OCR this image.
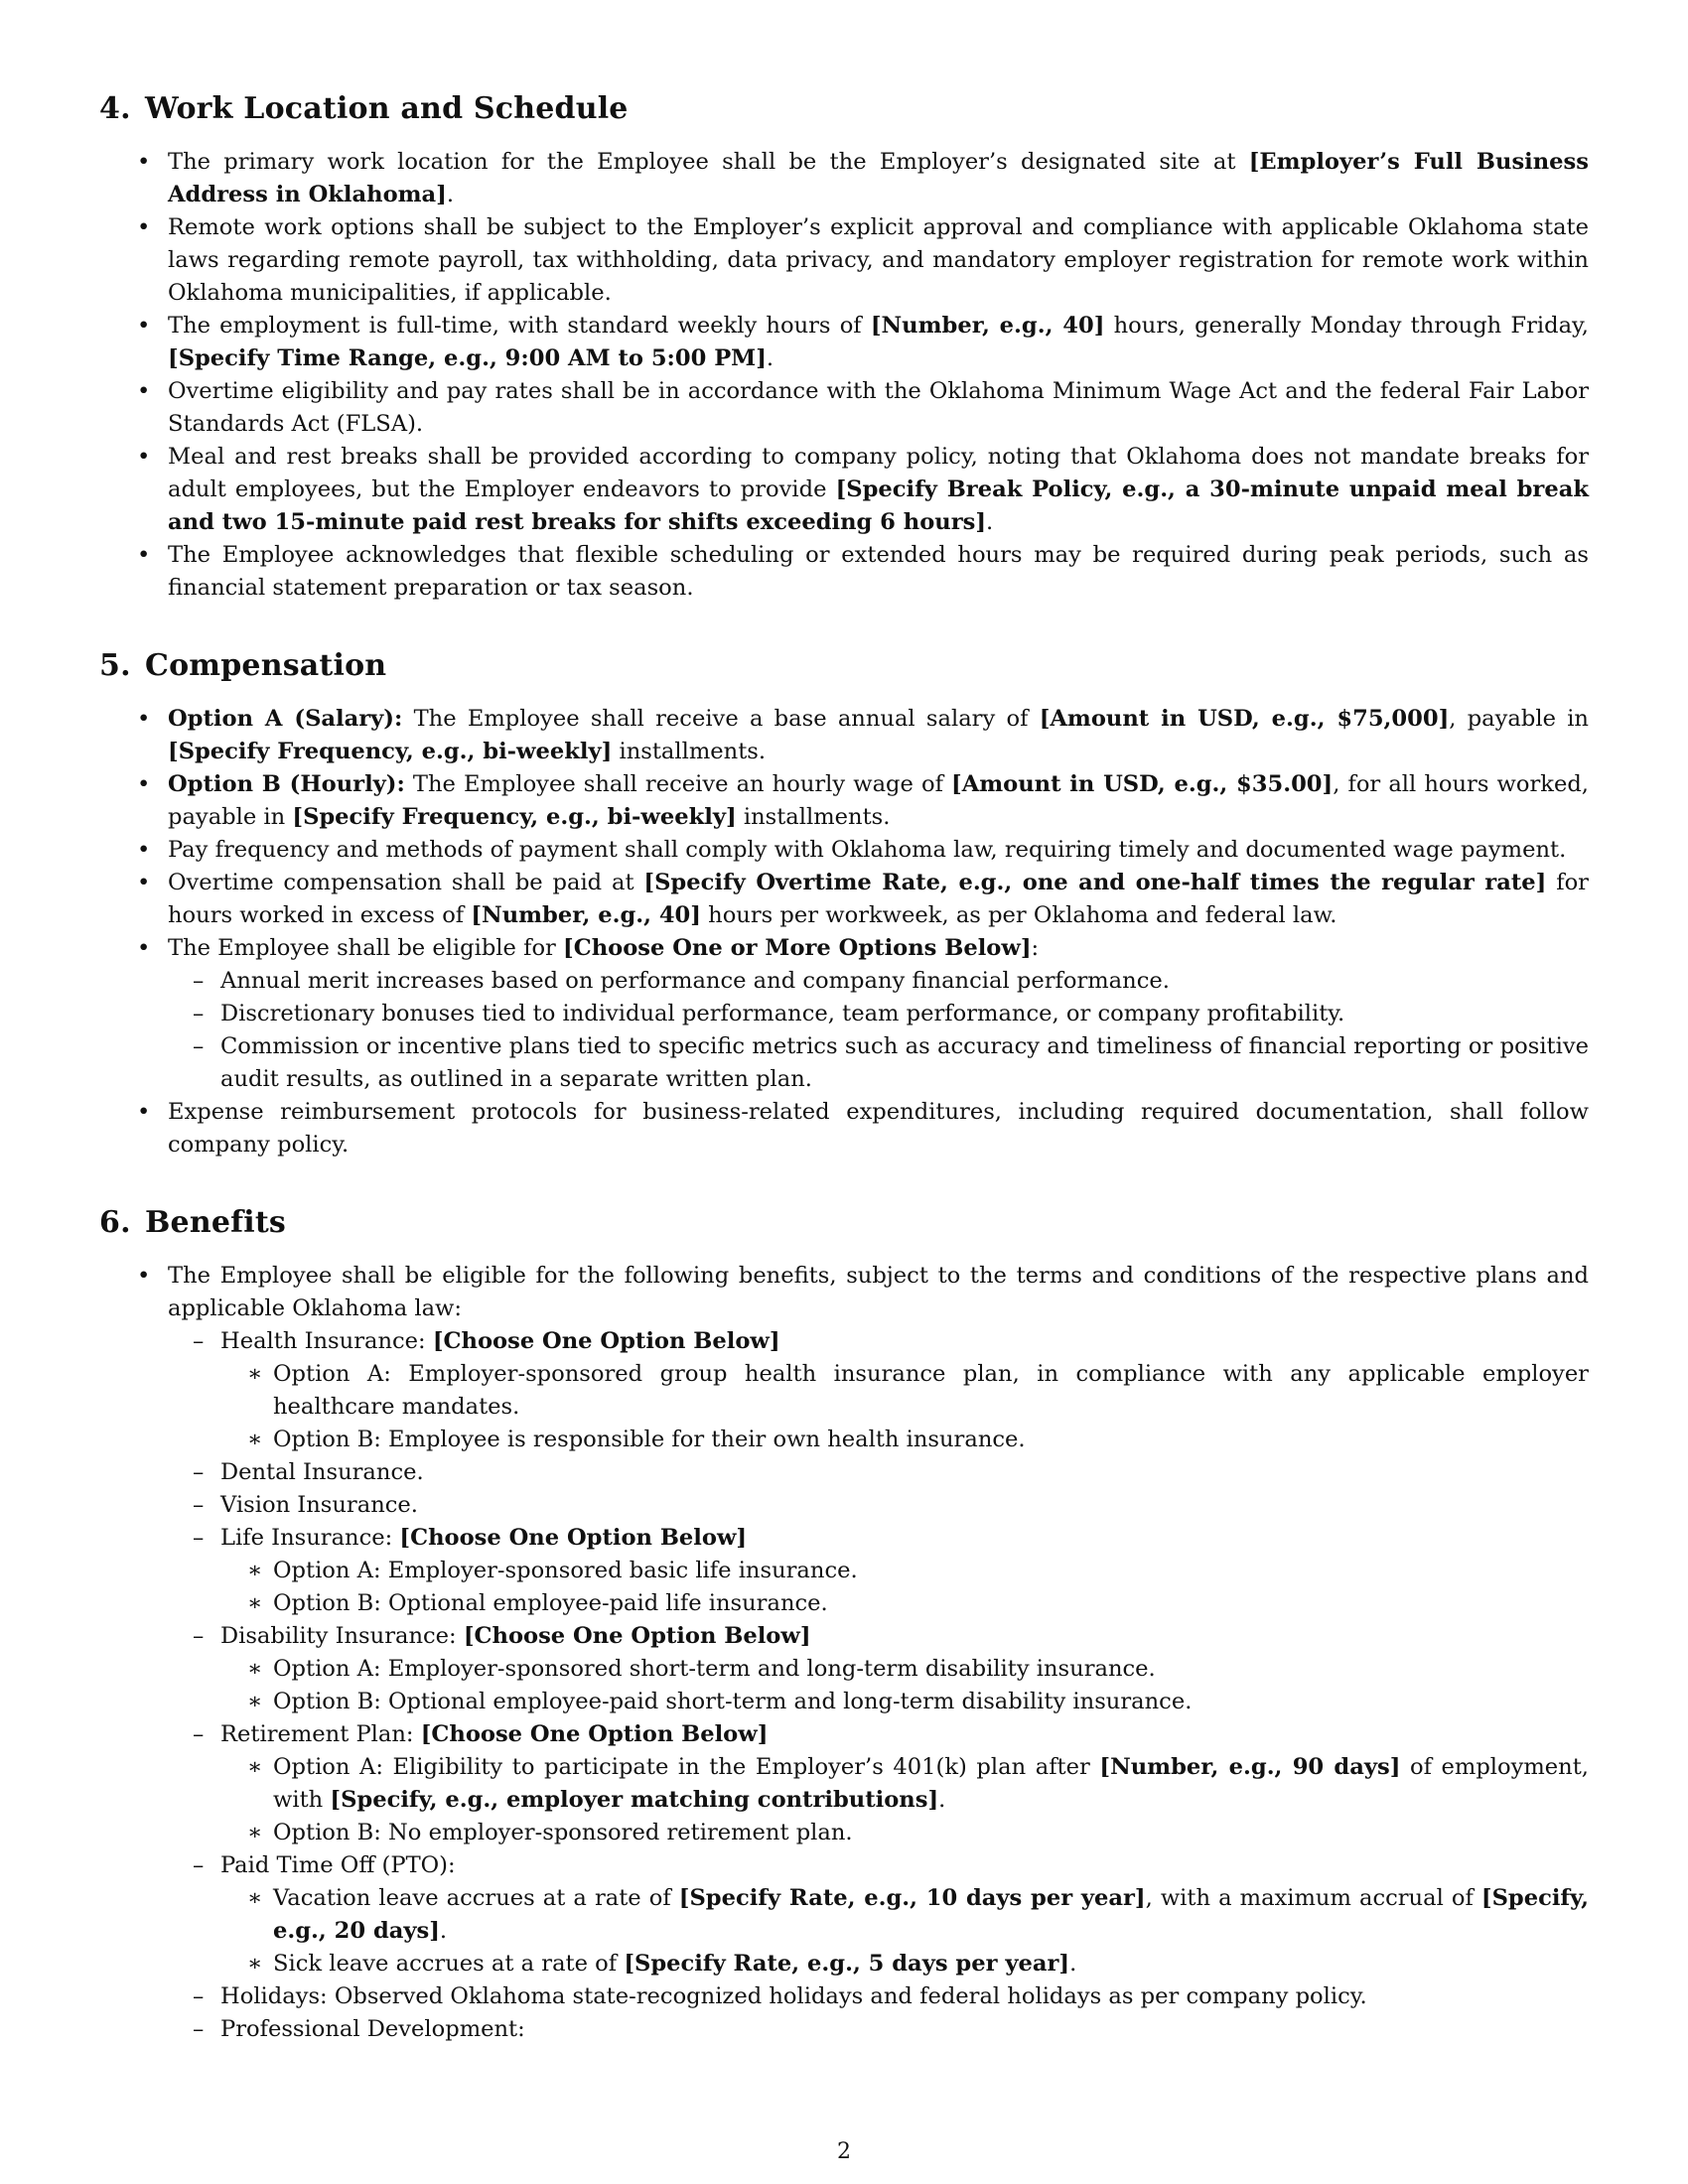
4. Work Location and Schedule
• The primary work location for the Employee shall be the Employer’s designated site at [Employer’s Full Business Address in Oklahoma].
• Remote work options shall be subject to the Employer’s explicit approval and compliance with applicable Oklahoma state laws regarding remote payroll, tax withholding, data privacy, and mandatory employer registration for remote work within Oklahoma municipalities, if applicable.
• The employment is full-time, with standard weekly hours of [Number, e.g., 40] hours, generally Monday through Friday, [Specify Time Range, e.g., 9:00 AM to 5:00 PM].
• Overtime eligibility and pay rates shall be in accordance with the Oklahoma Minimum Wage Act and the federal Fair Labor Standards Act (FLSA).
• Meal and rest breaks shall be provided according to company policy, noting that Oklahoma does not mandate breaks for adult employees, but the Employer endeavors to provide [Specify Break Policy, e.g., a 30-minute unpaid meal break and two 15-minute paid rest breaks for shifts exceeding 6 hours].
• The Employee acknowledges that flexible scheduling or extended hours may be required during peak periods, such as financial statement preparation or tax season.
5. Compensation
• Option A (Salary): The Employee shall receive a base annual salary of [Amount in USD, e.g., $75,000], payable in [Specify Frequency, e.g., bi-weekly] installments.
• Option B (Hourly): The Employee shall receive an hourly wage of [Amount in USD, e.g., $35.00], for all hours worked, payable in [Specify Frequency, e.g., bi-weekly] installments.
• Pay frequency and methods of payment shall comply with Oklahoma law, requiring timely and documented wage payment.
• Overtime compensation shall be paid at [Specify Overtime Rate, e.g., one and one-half times the regular rate] for hours worked in excess of [Number, e.g., 40] hours per workweek, as per Oklahoma and federal law.
• The Employee shall be eligible for [Choose One or More Options Below]:
– Annual merit increases based on performance and company financial performance.
– Discretionary bonuses tied to individual performance, team performance, or company profitability.
– Commission or incentive plans tied to specific metrics such as accuracy and timeliness of financial reporting or positive audit results, as outlined in a separate written plan.
• Expense reimbursement protocols for business-related expenditures, including required documentation, shall follow company policy.
6. Benefits
• The Employee shall be eligible for the following benefits, subject to the terms and conditions of the respective plans and applicable Oklahoma law:
– Health Insurance: [Choose One Option Below]
∗ Option A: Employer-sponsored group health insurance plan, in compliance with any applicable employer healthcare mandates.
∗ Option B: Employee is responsible for their own health insurance.
– Dental Insurance.
– Vision Insurance.
– Life Insurance: [Choose One Option Below]
∗ Option A: Employer-sponsored basic life insurance.
∗ Option B: Optional employee-paid life insurance.
– Disability Insurance: [Choose One Option Below]
∗ Option A: Employer-sponsored short-term and long-term disability insurance.
∗ Option B: Optional employee-paid short-term and long-term disability insurance.
– Retirement Plan: [Choose One Option Below]
∗ Option A: Eligibility to participate in the Employer’s 401(k) plan after [Number, e.g., 90 days] of employment, with [Specify, e.g., employer matching contributions].
∗ Option B: No employer-sponsored retirement plan.
– Paid Time Off (PTO):
∗ Vacation leave accrues at a rate of [Specify Rate, e.g., 10 days per year], with a maximum accrual of [Specify, e.g., 20 days].
∗ Sick leave accrues at a rate of [Specify Rate, e.g., 5 days per year].
– Holidays: Observed Oklahoma state-recognized holidays and federal holidays as per company policy.
– Professional Development:
2
